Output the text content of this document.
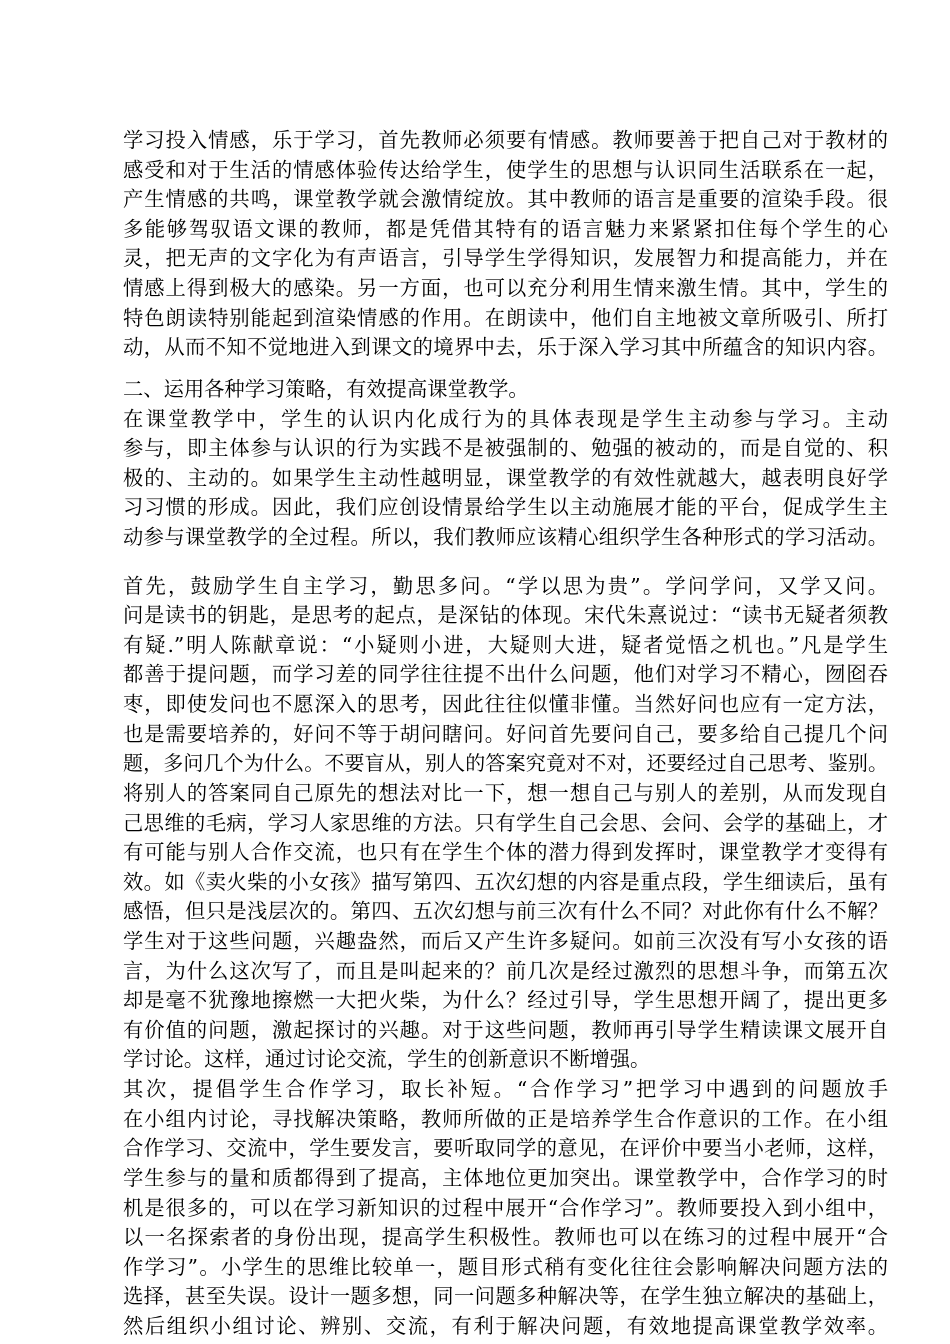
学习投入情感，乐于学习，首先教师必须要有情感。教师要善于把自己对于教材的
感受和对于生活的情感体验传达给学生，使学生的思想与认识同生活联系在一起，
产生情感的共鸣，课堂教学就会激情绽放。其中教师的语言是重要的渲染手段。很
多能够驾驭语文课的教师，都是凭借其特有的语言魅力来紧紧扣住每个学生的心
灵，把无声的文字化为有声语言，引导学生学得知识，发展智力和提高能力，并在
情感上得到极大的感染。另一方面，也可以充分利用生情来激生情。其中，学生的
特色朗读特别能起到渲染情感的作用。在朗读中，他们自主地被文章所吸引、所打
动，从而不知不觉地进入到课文的境界中去，乐于深入学习其中所蕴含的知识内容。
二、运用各种学习策略，有效提高课堂教学。
在课堂教学中，学生的认识内化成行为的具体表现是学生主动参与学习。主动
参与，即主体参与认识的行为实践不是被强制的、勉强的被动的，而是自觉的、积
极的、主动的。如果学生主动性越明显，课堂教学的有效性就越大，越表明良好学
习习惯的形成。因此，我们应创设情景给学生以主动施展才能的平台，促成学生主
动参与课堂教学的全过程。所以，我们教师应该精心组织学生各种形式的学习活动。
首先，鼓励学生自主学习，勤思多问。“学以思为贵”。学问学问，又学又问。
问是读书的钥匙，是思考的起点，是深钻的体现。宋代朱熹说过：“读书无疑者须教
有疑.”明人陈献章说：“小疑则小进，大疑则大进，疑者觉悟之机也。”凡是学生
都善于提问题，而学习差的同学往往提不出什么问题，他们对学习不精心，囫囵吞
枣，即使发问也不愿深入的思考，因此往往似懂非懂。当然好问也应有一定方法，
也是需要培养的，好问不等于胡问瞎问。好问首先要问自己，要多给自己提几个问
题，多问几个为什么。不要盲从，别人的答案究竟对不对，还要经过自己思考、鉴别。
将别人的答案同自己原先的想法对比一下，想一想自己与别人的差别，从而发现自
己思维的毛病，学习人家思维的方法。只有学生自己会思、会问、会学的基础上，才
有可能与别人合作交流，也只有在学生个体的潜力得到发挥时，课堂教学才变得有
效。如《卖火柴的小女孩》描写第四、五次幻想的内容是重点段，学生细读后，虽有
感悟，但只是浅层次的。第四、五次幻想与前三次有什么不同？对此你有什么不解？
学生对于这些问题，兴趣盎然，而后又产生许多疑问。如前三次没有写小女孩的语
言，为什么这次写了，而且是叫起来的？前几次是经过激烈的思想斗争，而第五次
却是毫不犹豫地擦燃一大把火柴，为什么？经过引导，学生思想开阔了，提出更多
有价值的问题，激起探讨的兴趣。对于这些问题，教师再引导学生精读课文展开自
学讨论。这样，通过讨论交流，学生的创新意识不断增强。
其次，提倡学生合作学习，取长补短。“合作学习”把学习中遇到的问题放手
在小组内讨论，寻找解决策略，教师所做的正是培养学生合作意识的工作。在小组
合作学习、交流中，学生要发言，要听取同学的意见，在评价中要当小老师，这样，
学生参与的量和质都得到了提高，主体地位更加突出。课堂教学中，合作学习的时
机是很多的，可以在学习新知识的过程中展开“合作学习”。教师要投入到小组中，
以一名探索者的身份出现，提高学生积极性。教师也可以在练习的过程中展开“合
作学习”。小学生的思维比较单一，题目形式稍有变化往往会影响解决问题方法的
选择，甚至失误。设计一题多想，同一问题多种解决等，在学生独立解决的基础上，
然后组织小组讨论、辨别、交流，有利于解决问题，有效地提高课堂教学效率。
